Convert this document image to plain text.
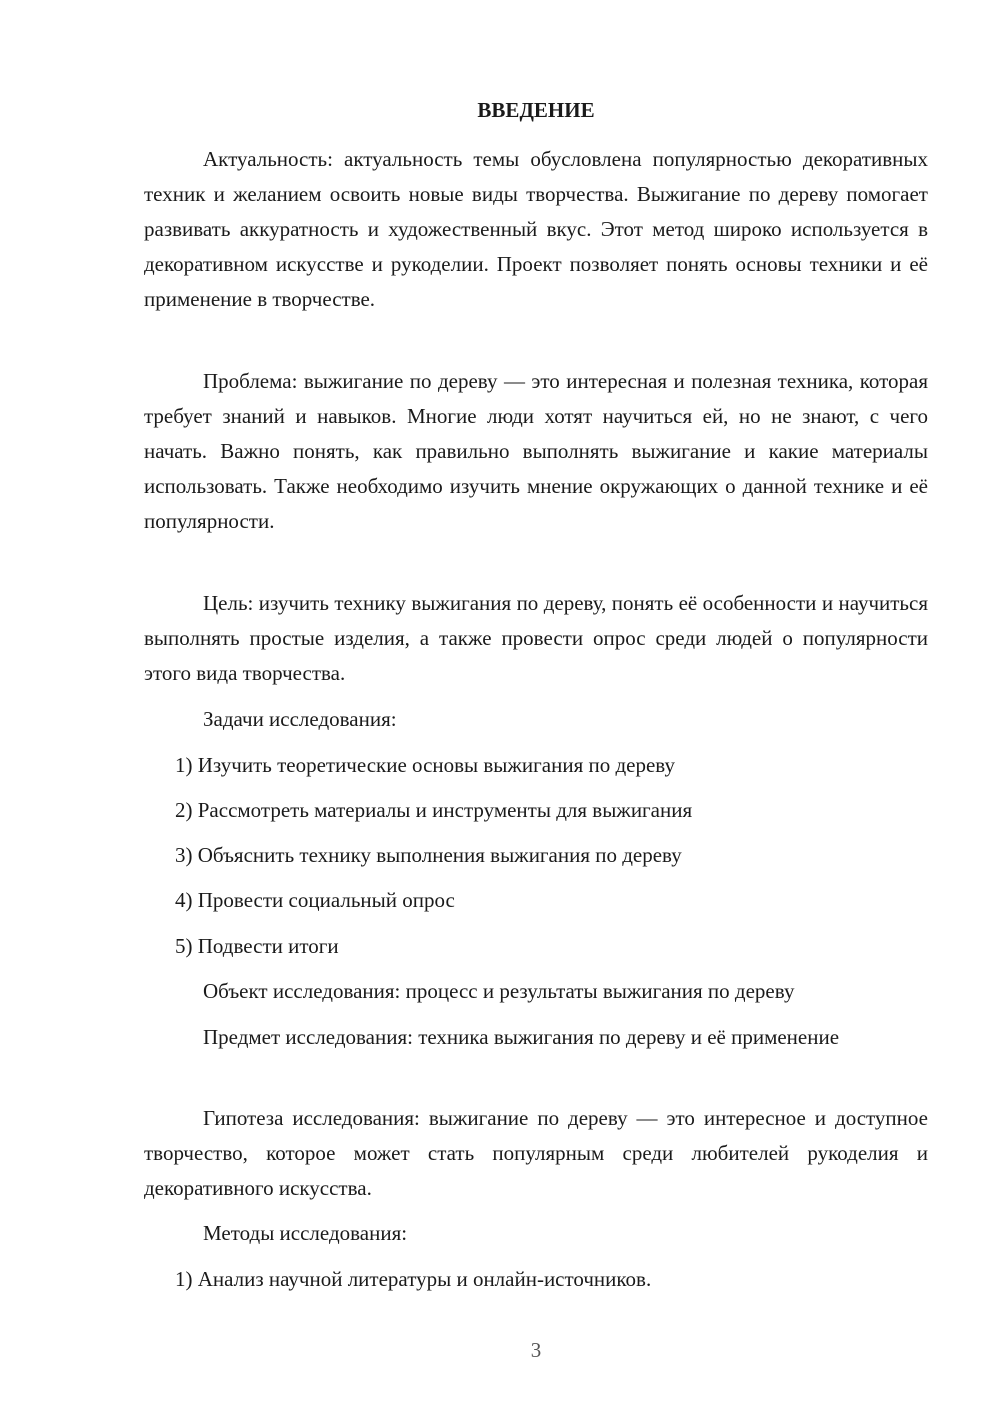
ВВЕДЕНИЕ
Актуальность: актуальность темы обусловлена популярностью декоративных техник и желанием освоить новые виды творчества. Выжигание по дереву помогает развивать аккуратность и художественный вкус. Этот метод широко используется в декоративном искусстве и рукоделии. Проект позволяет понять основы техники и её применение в творчестве.
Проблема: выжигание по дереву — это интересная и полезная техника, которая требует знаний и навыков. Многие люди хотят научиться ей, но не знают, с чего начать. Важно понять, как правильно выполнять выжигание и какие материалы использовать. Также необходимо изучить мнение окружающих о данной технике и её популярности.
Цель: изучить технику выжигания по дереву, понять её особенности и научиться выполнять простые изделия, а также провести опрос среди людей о популярности этого вида творчества.
Задачи исследования:
1) Изучить теоретические основы выжигания по дереву
2) Рассмотреть материалы и инструменты для выжигания
3) Объяснить технику выполнения выжигания по дереву
4) Провести социальный опрос
5) Подвести итоги
Объект исследования: процесс и результаты выжигания по дереву
Предмет исследования: техника выжигания по дереву и её применение
Гипотеза исследования: выжигание по дереву — это интересное и доступное творчество, которое может стать популярным среди любителей рукоделия и декоративного искусства.
Методы исследования:
1) Анализ научной литературы и онлайн-источников.
3
